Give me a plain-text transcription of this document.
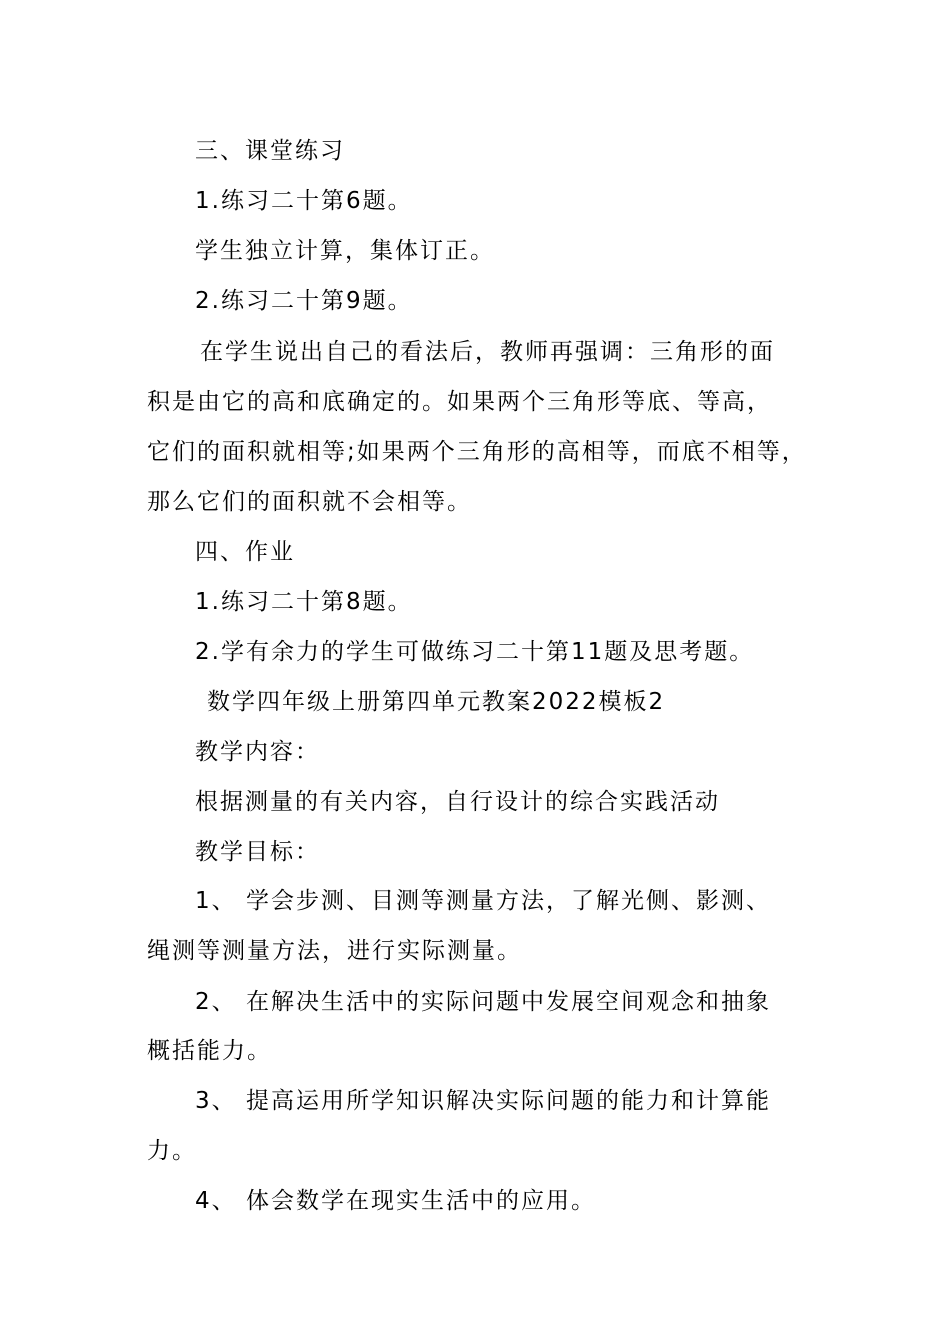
三、课堂练习
1.练习二十第6题。
学生独立计算，集体订正。
2.练习二十第9题。
在学生说出自己的看法后，教师再强调：三角形的面
积是由它的高和底确定的。如果两个三角形等底、等高，
它们的面积就相等;如果两个三角形的高相等，而底不相等，
那么它们的面积就不会相等。
四、作业
1.练习二十第8题。
2.学有余力的学生可做练习二十第11题及思考题。
数学四年级上册第四单元教案2022模板2
教学内容：
根据测量的有关内容，自行设计的综合实践活动
教学目标：
1、 学会步测、目测等测量方法，了解光侧、影测、
绳测等测量方法，进行实际测量。
2、 在解决生活中的实际问题中发展空间观念和抽象
概括能力。
3、 提高运用所学知识解决实际问题的能力和计算能
力。
4、 体会数学在现实生活中的应用。
